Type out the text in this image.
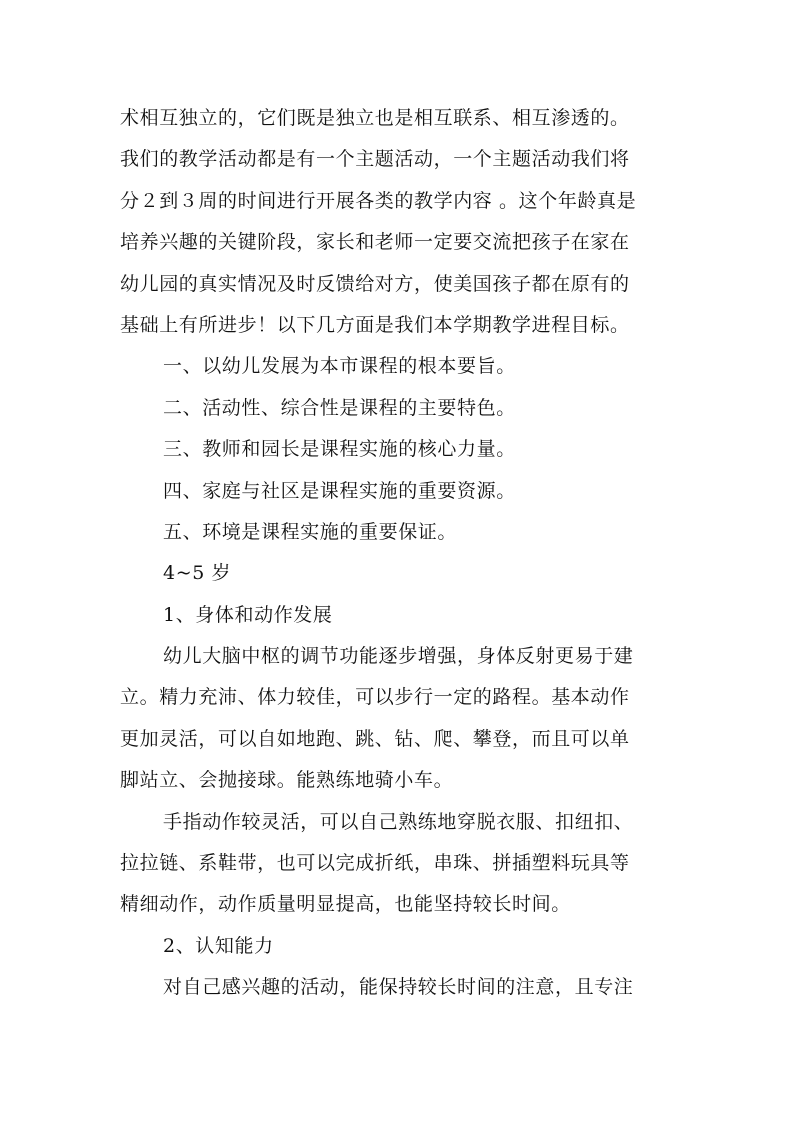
术相互独立的，它们既是独立也是相互联系、相互渗透的。
我们的教学活动都是有一个主题活动，一个主题活动我们将
分２到３周的时间进行开展各类的教学内容 。这个年龄真是
培养兴趣的关键阶段，家长和老师一定要交流把孩子在家在
幼儿园的真实情况及时反馈给对方，使美国孩子都在原有的
基础上有所进步！以下几方面是我们本学期教学进程目标。
一、以幼儿发展为本市课程的根本要旨。
二、活动性、综合性是课程的主要特色。
三、教师和园长是课程实施的核心力量。
四、家庭与社区是课程实施的重要资源。
五、环境是课程实施的重要保证。
4~5 岁
1、身体和动作发展
幼儿大脑中枢的调节功能逐步增强，身体反射更易于建
立。精力充沛、体力较佳，可以步行一定的路程。基本动作
更加灵活，可以自如地跑、跳、钻、爬、攀登，而且可以单
脚站立、会抛接球。能熟练地骑小车。
手指动作较灵活，可以自己熟练地穿脱衣服、扣纽扣、
拉拉链、系鞋带，也可以完成折纸，串珠、拼插塑料玩具等
精细动作，动作质量明显提高，也能坚持较长时间。
2、认知能力
对自己感兴趣的活动，能保持较长时间的注意，且专注
